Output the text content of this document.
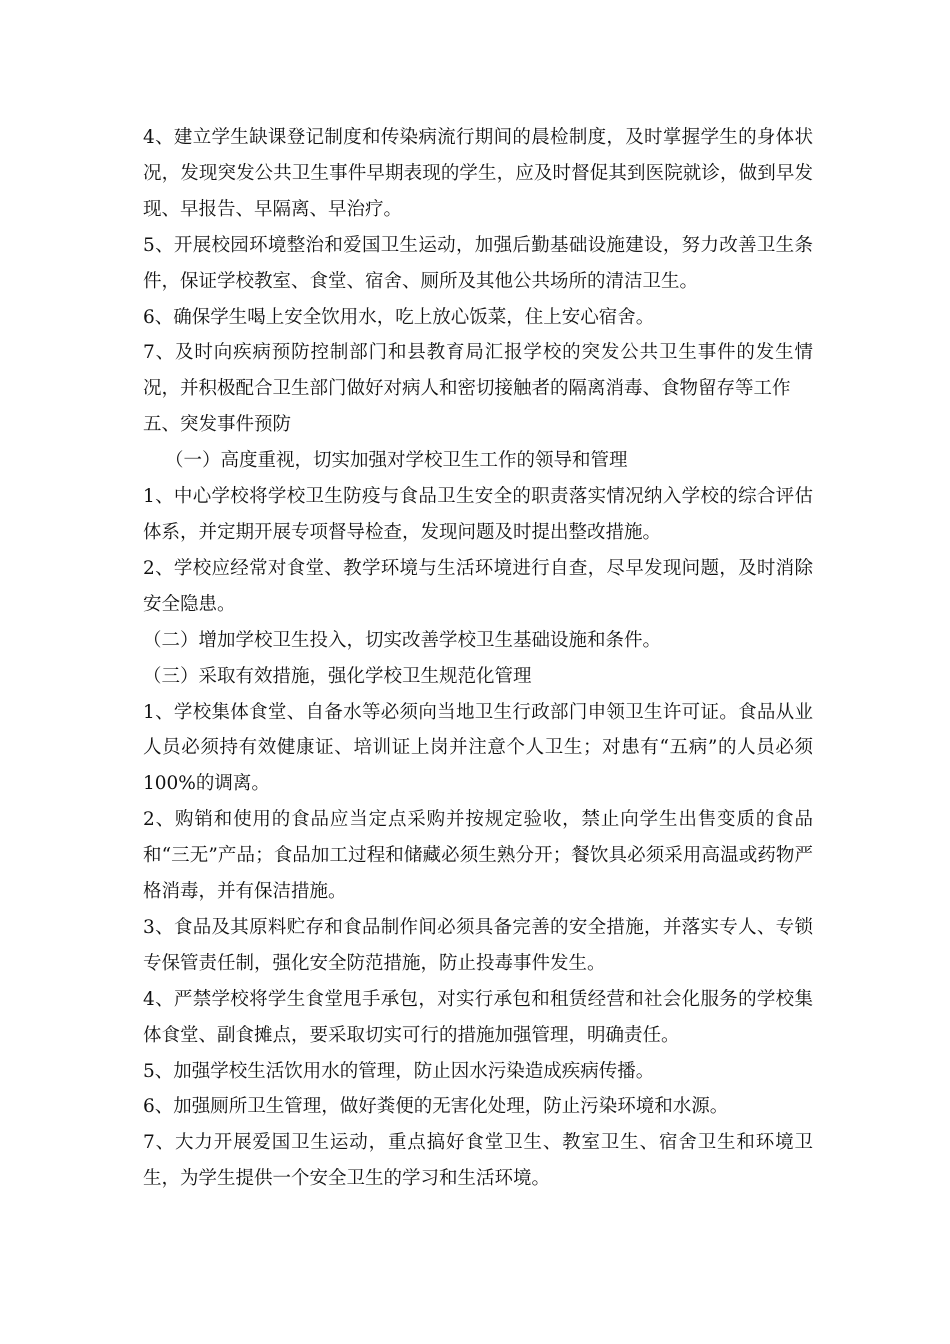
4、建立学生缺课登记制度和传染病流行期间的晨检制度，及时掌握学生的身体状况，发现突发公共卫生事件早期表现的学生，应及时督促其到医院就诊，做到早发现、早报告、早隔离、早治疗。

5、开展校园环境整治和爱国卫生运动，加强后勤基础设施建设，努力改善卫生条件，保证学校教室、食堂、宿舍、厕所及其他公共场所的清洁卫生。

6、确保学生喝上安全饮用水，吃上放心饭菜，住上安心宿舍。

7、及时向疾病预防控制部门和县教育局汇报学校的突发公共卫生事件的发生情况，并积极配合卫生部门做好对病人和密切接触者的隔离消毒、食物留存等工作

五、突发事件预防

（一）高度重视，切实加强对学校卫生工作的领导和管理

1、中心学校将学校卫生防疫与食品卫生安全的职责落实情况纳入学校的综合评估体系，并定期开展专项督导检查，发现问题及时提出整改措施。

2、学校应经常对食堂、教学环境与生活环境进行自查，尽早发现问题，及时消除安全隐患。

（二）增加学校卫生投入，切实改善学校卫生基础设施和条件。

（三）采取有效措施，强化学校卫生规范化管理

1、学校集体食堂、自备水等必须向当地卫生行政部门申领卫生许可证。食品从业人员必须持有效健康证、培训证上岗并注意个人卫生；对患有“五病”的人员必须100%的调离。

2、购销和使用的食品应当定点采购并按规定验收，禁止向学生出售变质的食品和“三无”产品；食品加工过程和储藏必须生熟分开；餐饮具必须采用高温或药物严格消毒，并有保洁措施。

3、食品及其原料贮存和食品制作间必须具备完善的安全措施，并落实专人、专锁专保管责任制，强化安全防范措施，防止投毒事件发生。

4、严禁学校将学生食堂甩手承包，对实行承包和租赁经营和社会化服务的学校集体食堂、副食摊点，要采取切实可行的措施加强管理，明确责任。

5、加强学校生活饮用水的管理，防止因水污染造成疾病传播。

6、加强厕所卫生管理，做好粪便的无害化处理，防止污染环境和水源。

7、大力开展爱国卫生运动，重点搞好食堂卫生、教室卫生、宿舍卫生和环境卫生，为学生提供一个安全卫生的学习和生活环境。
